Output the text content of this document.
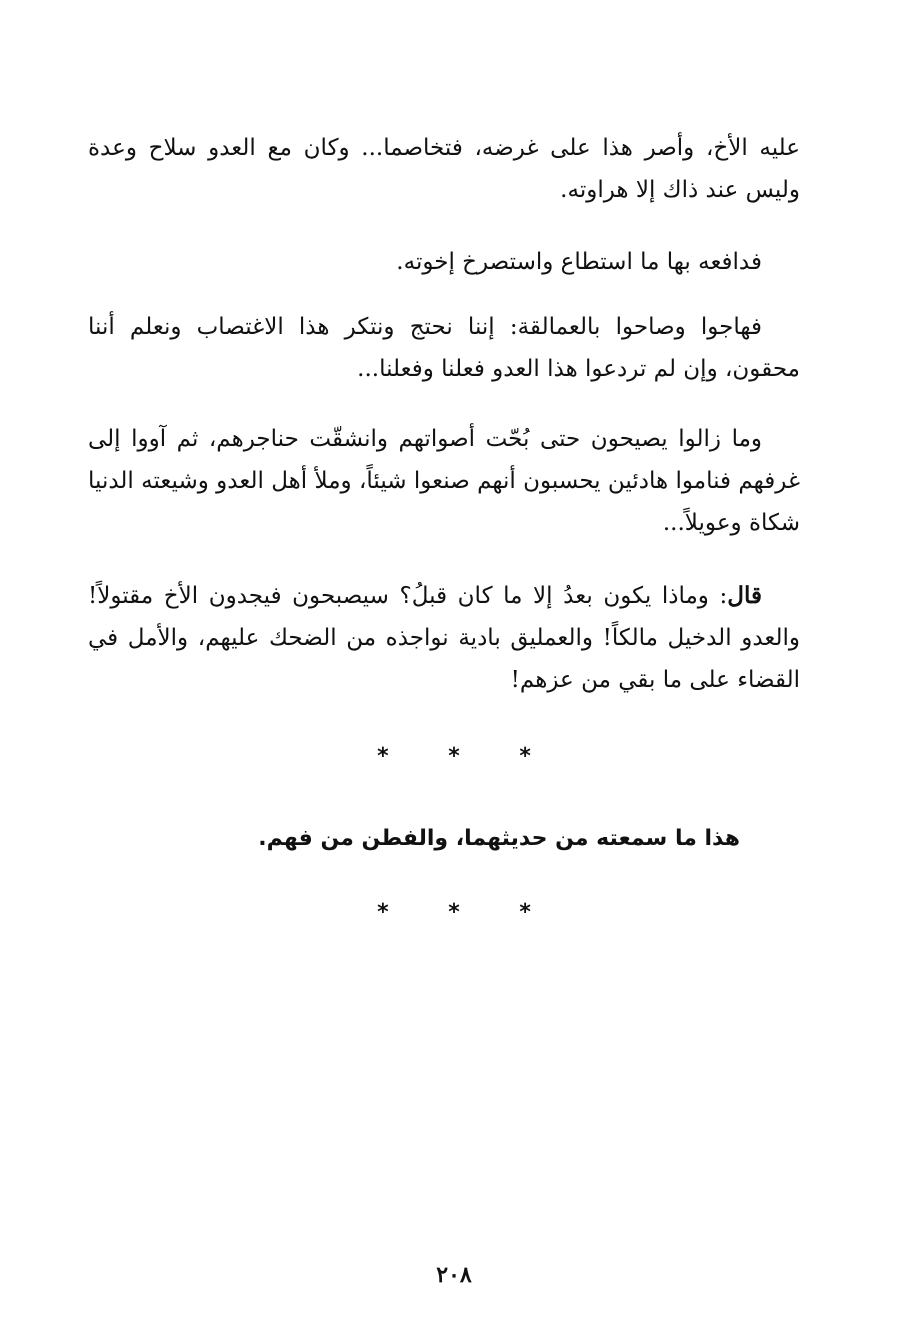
عليه الأخ، وأصر هذا على غرضه، فتخاصما... وكان مع العدو سلاح وعدة وليس عند ذاك إلا هراوته.

فدافعه بها ما استطاع واستصرخ إخوته.

فهاجوا وصاحوا بالعمالقة: إننا نحتج ونتكر هذا الاغتصاب ونعلم أننا محقون، وإن لم تردعوا هذا العدو فعلنا وفعلنا...

وما زالوا يصيحون حتى بُحّت أصواتهم وانشقّت حناجرهم، ثم آووا إلى غرفهم فناموا هادئين يحسبون أنهم صنعوا شيئاً، وملأ أهل العدو وشيعته الدنيا شكاة وعويلاً...

قال: وماذا يكون بعدُ إلا ما كان قبلُ؟ سيصبحون فيجدون الأخ مقتولاً! والعدو الدخيل مالكاً! والعمليق بادية نواجذه من الضحك عليهم، والأمل في القضاء على ما بقي من عزهم!

* * *
هذا ما سمعته من حديثهما، والفطن من فهم.
* * *
٢٠٨
